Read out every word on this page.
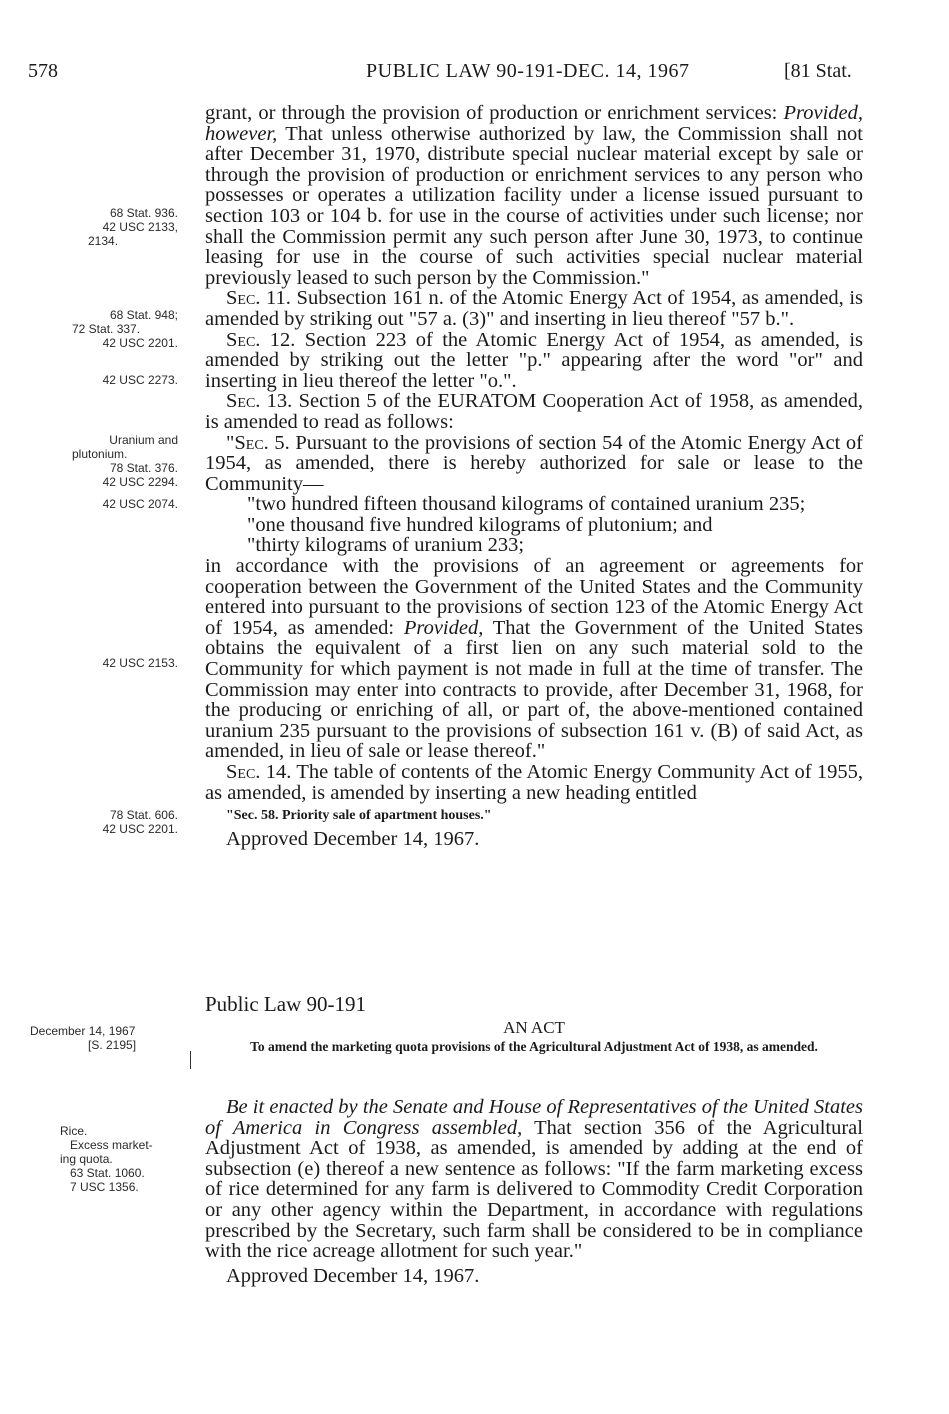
578	PUBLIC LAW 90-191-DEC. 14, 1967	[81 Stat.
68 Stat. 936.
42 USC 2133,
2134.
68 Stat. 948;
72 Stat. 337.
42 USC 2201.
42 USC 2273.
Uranium and
plutonium.
78 Stat. 376.
42 USC 2294.
42 USC 2074.
42 USC 2153.
78 Stat. 606.
42 USC 2201.
December 14, 1967
[S. 2195]
Rice.
Excess market-
ing quota.
63 Stat. 1060.
7 USC 1356.

grant, or through the provision of production or enrichment services: Provided, however, That unless otherwise authorized by law, the Commission shall not after December 31, 1970, distribute special nuclear material except by sale or through the provision of production or enrichment services to any person who possesses or operates a utilization facility under a license issued pursuant to section 103 or 104 b. for use in the course of activities under such license; nor shall the Commission permit any such person after June 30, 1973, to continue leasing for use in the course of such activities special nuclear material previously leased to such person by the Commission."

Sec. 11. Subsection 161 n. of the Atomic Energy Act of 1954, as amended, is amended by striking out "57 a. (3)" and inserting in lieu thereof "57 b.".

Sec. 12. Section 223 of the Atomic Energy Act of 1954, as amended, is amended by striking out the letter "p." appearing after the word "or" and inserting in lieu thereof the letter "o.".

Sec. 13. Section 5 of the EURATOM Cooperation Act of 1958, as amended, is amended to read as follows:

"Sec. 5. Pursuant to the provisions of section 54 of the Atomic Energy Act of 1954, as amended, there is hereby authorized for sale or lease to the Community—

"two hundred fifteen thousand kilograms of contained uranium 235;

"one thousand five hundred kilograms of plutonium; and

"thirty kilograms of uranium 233;

in accordance with the provisions of an agreement or agreements for cooperation between the Government of the United States and the Community entered into pursuant to the provisions of section 123 of the Atomic Energy Act of 1954, as amended: Provided, That the Government of the United States obtains the equivalent of a first lien on any such material sold to the Community for which payment is not made in full at the time of transfer. The Commission may enter into contracts to provide, after December 31, 1968, for the producing or enriching of all, or part of, the above-mentioned contained uranium 235 pursuant to the provisions of subsection 161 v. (B) of said Act, as amended, in lieu of sale or lease thereof."

Sec. 14. The table of contents of the Atomic Energy Community Act of 1955, as amended, is amended by inserting a new heading entitled

"Sec. 58. Priority sale of apartment houses."

Approved December 14, 1967.

Public Law 90-191
AN ACT
To amend the marketing quota provisions of the Agricultural Adjustment Act of 1938, as amended.

Be it enacted by the Senate and House of Representatives of the United States of America in Congress assembled, That section 356 of the Agricultural Adjustment Act of 1938, as amended, is amended by adding at the end of subsection (e) thereof a new sentence as follows: "If the farm marketing excess of rice determined for any farm is delivered to Commodity Credit Corporation or any other agency within the Department, in accordance with regulations prescribed by the Secretary, such farm shall be considered to be in compliance with the rice acreage allotment for such year."

Approved December 14, 1967.
